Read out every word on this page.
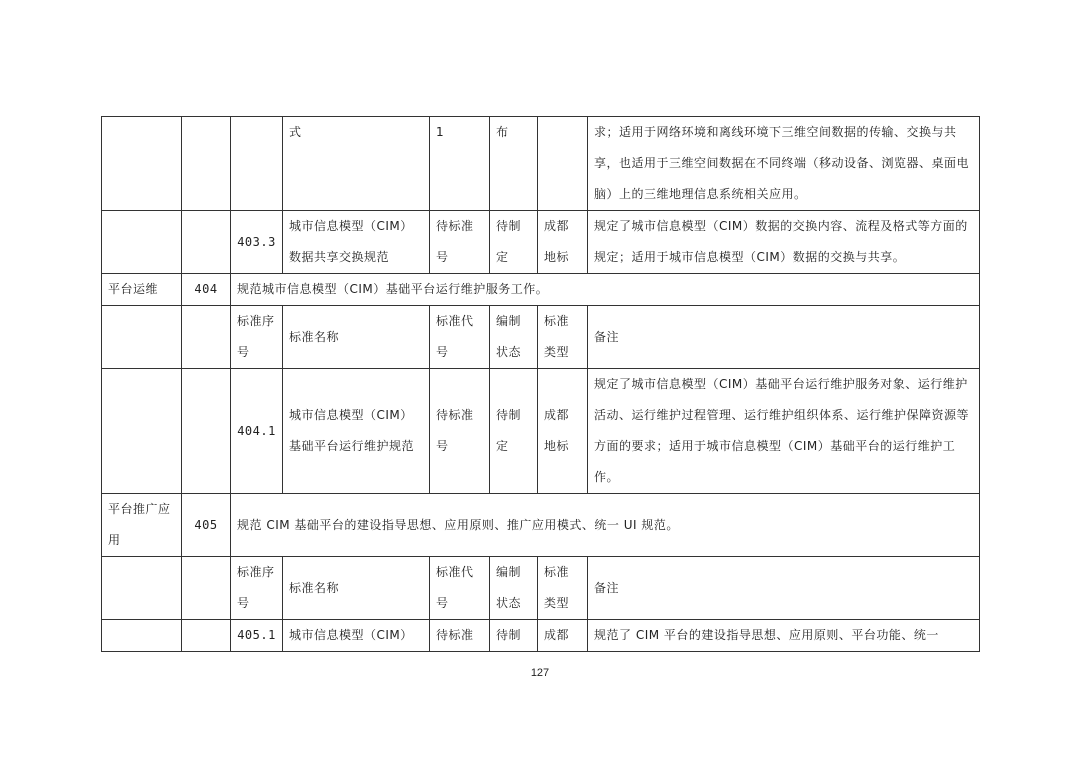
			式	1	布		求；适用于网络环境和离线环境下三维空间数据的传输、交换与共享，也适用于三维空间数据在不同终端（移动设备、浏览器、桌面电脑）上的三维地理信息系统相关应用。
		403.3	城市信息模型（CIM）数据共享交换规范	待标准号	待制定	成都地标	规定了城市信息模型（CIM）数据的交换内容、流程及格式等方面的规定；适用于城市信息模型（CIM）数据的交换与共享。
平台运维	404	规范城市信息模型（CIM）基础平台运行维护服务工作。					
		标准序号	标准名称	标准代号	编制状态	标准类型	备注
		404.1	城市信息模型（CIM）基础平台运行维护规范	待标准号	待制定	成都地标	规定了城市信息模型（CIM）基础平台运行维护服务对象、运行维护活动、运行维护过程管理、运行维护组织体系、运行维护保障资源等方面的要求；适用于城市信息模型（CIM）基础平台的运行维护工作。
平台推广应用	405	规范 CIM 基础平台的建设指导思想、应用原则、推广应用模式、统一 UI 规范。					
		标准序号	标准名称	标准代号	编制状态	标准类型	备注
		405.1	城市信息模型（CIM）	待标准	待制	成都	规范了 CIM 平台的建设指导思想、应用原则、平台功能、统一
127
